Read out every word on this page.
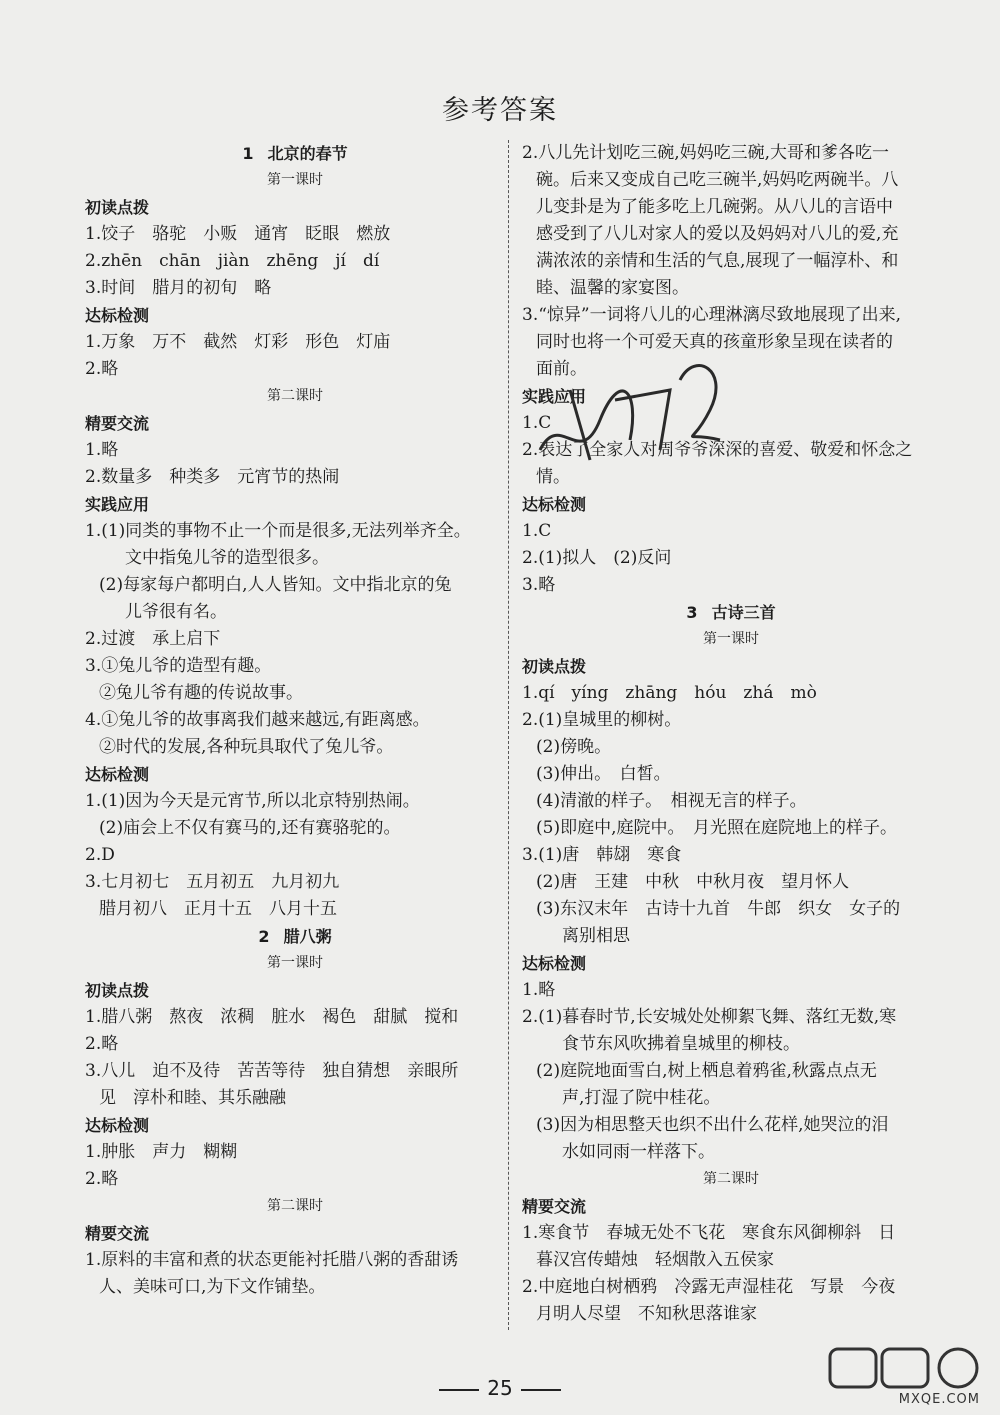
参考答案
1 北京的春节
第一课时
初读点拨
1.饺子　骆驼　小贩　通宵　眨眼　燃放
2.zhēn　chān　jiàn　zhēng　jí　dí
3.时间　腊月的初旬　略
达标检测
1.万象　万不　截然　灯彩　形色　灯庙
2.略
第二课时
精要交流
1.略
2.数量多　种类多　元宵节的热闹
实践应用
1.(1)同类的事物不止一个而是很多,无法列举齐全。
文中指兔儿爷的造型很多。
(2)每家每户都明白,人人皆知。文中指北京的兔
儿爷很有名。
2.过渡　承上启下
3.①兔儿爷的造型有趣。
②兔儿爷有趣的传说故事。
4.①兔儿爷的故事离我们越来越远,有距离感。
②时代的发展,各种玩具取代了兔儿爷。
达标检测
1.(1)因为今天是元宵节,所以北京特别热闹。
(2)庙会上不仅有赛马的,还有赛骆驼的。
2.D
3.七月初七　五月初五　九月初九
腊月初八　正月十五　八月十五
2 腊八粥
第一课时
初读点拨
1.腊八粥　熬夜　浓稠　脏水　褐色　甜腻　搅和
2.略
3.八儿　迫不及待　苦苦等待　独自猜想　亲眼所
见　淳朴和睦、其乐融融
达标检测
1.肿胀　声力　糊糊
2.略
第二课时
精要交流
1.原料的丰富和煮的状态更能衬托腊八粥的香甜诱
人、美味可口,为下文作铺垫。
2.八儿先计划吃三碗,妈妈吃三碗,大哥和爹各吃一
碗。后来又变成自己吃三碗半,妈妈吃两碗半。八
儿变卦是为了能多吃上几碗粥。从八儿的言语中
感受到了八儿对家人的爱以及妈妈对八儿的爱,充
满浓浓的亲情和生活的气息,展现了一幅淳朴、和
睦、温馨的家宴图。
3.“惊异”一词将八儿的心理淋漓尽致地展现了出来,
同时也将一个可爱天真的孩童形象呈现在读者的
面前。
实践应用
1.C
2.表达了全家人对周爷爷深深的喜爱、敬爱和怀念之
情。
达标检测
1.C
2.(1)拟人　(2)反问
3.略
3 古诗三首
第一课时
初读点拨
1.qí　yíng　zhāng　hóu　zhá　mò
2.(1)皇城里的柳树。
(2)傍晚。
(3)伸出。　白皙。
(4)清澈的样子。　相视无言的样子。
(5)即庭中,庭院中。　月光照在庭院地上的样子。
3.(1)唐　韩翃　寒食
(2)唐　王建　中秋　中秋月夜　望月怀人
(3)东汉末年　古诗十九首　牛郎　织女　女子的
离别相思
达标检测
1.略
2.(1)暮春时节,长安城处处柳絮飞舞、落红无数,寒
食节东风吹拂着皇城里的柳枝。
(2)庭院地面雪白,树上栖息着鸦雀,秋露点点无
声,打湿了院中桂花。
(3)因为相思整天也织不出什么花样,她哭泣的泪
水如同雨一样落下。
第二课时
精要交流
1.寒食节　春城无处不飞花　寒食东风御柳斜　日
暮汉宫传蜡烛　轻烟散入五侯家
2.中庭地白树栖鸦　冷露无声湿桂花　写景　今夜
月明人尽望　不知秋思落谁家
25	MXQE.COM
